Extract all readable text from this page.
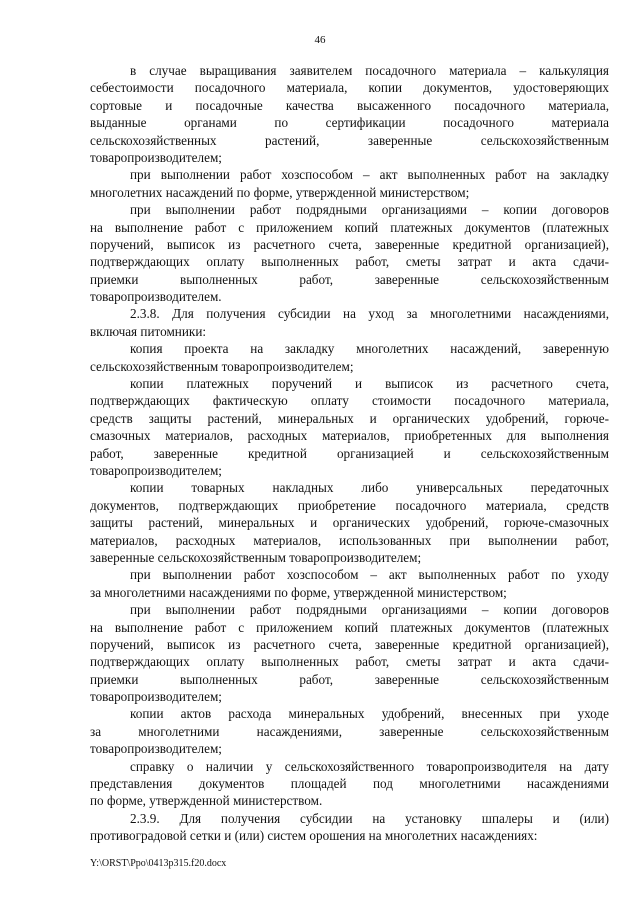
46
в случае выращивания заявителем посадочного материала – калькуляция
себестоимости посадочного материала, копии документов, удостоверяющих
сортовые и посадочные качества высаженного посадочного материала,
выданные органами по сертификации посадочного материала
сельскохозяйственных растений, заверенные сельскохозяйственным
товаропроизводителем;
при выполнении работ хозспособом – акт выполненных работ на закладку
многолетних насаждений по форме, утвержденной министерством;
при выполнении работ подрядными организациями – копии договоров
на выполнение работ с приложением копий платежных документов (платежных
поручений, выписок из расчетного счета, заверенные кредитной организацией),
подтверждающих оплату выполненных работ, сметы затрат и акта сдачи-
приемки выполненных работ, заверенные сельскохозяйственным
товаропроизводителем.
2.3.8. Для получения субсидии на уход за многолетними насаждениями,
включая питомники:
копия проекта на закладку многолетних насаждений, заверенную
сельскохозяйственным товаропроизводителем;
копии платежных поручений и выписок из расчетного счета,
подтверждающих фактическую оплату стоимости посадочного материала,
средств защиты растений, минеральных и органических удобрений, горюче-
смазочных материалов, расходных материалов, приобретенных для выполнения
работ, заверенные кредитной организацией и сельскохозяйственным
товаропроизводителем;
копии товарных накладных либо универсальных передаточных
документов, подтверждающих приобретение посадочного материала, средств
защиты растений, минеральных и органических удобрений, горюче-смазочных
материалов, расходных материалов, использованных при выполнении работ,
заверенные сельскохозяйственным товаропроизводителем;
при выполнении работ хозспособом – акт выполненных работ по уходу
за многолетними насаждениями по форме, утвержденной министерством;
при выполнении работ подрядными организациями – копии договоров
на выполнение работ с приложением копий платежных документов (платежных
поручений, выписок из расчетного счета, заверенные кредитной организацией),
подтверждающих оплату выполненных работ, сметы затрат и акта сдачи-
приемки выполненных работ, заверенные сельскохозяйственным
товаропроизводителем;
копии актов расхода минеральных удобрений, внесенных при уходе
за многолетними насаждениями, заверенные сельскохозяйственным
товаропроизводителем;
справку о наличии у сельскохозяйственного товаропроизводителя на дату
представления документов площадей под многолетними насаждениями
по форме, утвержденной министерством.
2.3.9. Для получения субсидии на установку шпалеры и (или)
противоградовой сетки и (или) систем орошения на многолетних насаждениях:
Y:\ORST\Ppo\0413p315.f20.docx
